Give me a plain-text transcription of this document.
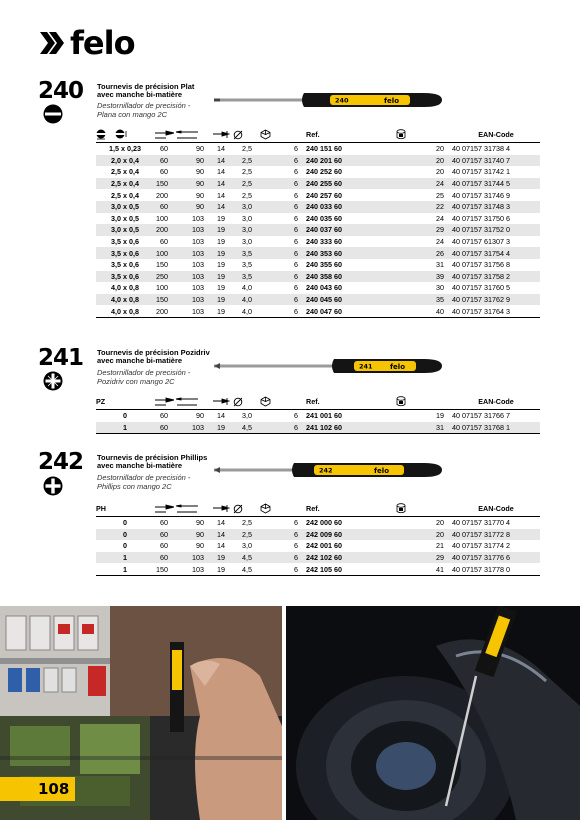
felo
240 Tournevis de précision Plat
avec manche bi-matière
Destornillador de precisión -
Plana con mango 2C
240	felo
						Ref.		EAN-Code
1,5 x 0,23	60	90	14	2,5	6	240 151 60	20	40 07157 31738 4
2,0 x 0,4	60	90	14	2,5	6	240 201 60	20	40 07157 31740 7
2,5 x 0,4	60	90	14	2,5	6	240 252 60	20	40 07157 31742 1
2,5 x 0,4	150	90	14	2,5	6	240 255 60	24	40 07157 31744 5
2,5 x 0,4	200	90	14	2,5	6	240 257 60	25	40 07157 31746 9
3,0 x 0,5	60	90	14	3,0	6	240 033 60	22	40 07157 31748 3
3,0 x 0,5	100	103	19	3,0	6	240 035 60	24	40 07157 31750 6
3,0 x 0,5	200	103	19	3,0	6	240 037 60	29	40 07157 31752 0
3,5 x 0,6	60	103	19	3,0	6	240 333 60	24	40 07157 61307 3
3,5 x 0,6	100	103	19	3,5	6	240 353 60	26	40 07157 31754 4
3,5 x 0,6	150	103	19	3,5	6	240 355 60	31	40 07157 31756 8
3,5 x 0,6	250	103	19	3,5	6	240 358 60	39	40 07157 31758 2
4,0 x 0,8	100	103	19	4,0	6	240 043 60	30	40 07157 31760 5
4,0 x 0,8	150	103	19	4,0	6	240 045 60	35	40 07157 31762 9
4,0 x 0,8	200	103	19	4,0	6	240 047 60	40	40 07157 31764 3
241 Tournevis de précision Pozidriv
avec manche bi-matière
Destornillador de precisión -
Pozidriv con mango 2C
241 felo
PZ						Ref.		EAN-Code
0	60	90	14	3,0	6	241 001 60	19	40 07157 31766 7
1	60	103	19	4,5	6	241 102 60	31	40 07157 31768 1
242 Tournevis de précision Phillips
avec manche bi-matière
Destornillador de precisión -
Phillips con mango 2C
242	felo
PH						Ref.		EAN-Code
0	60	90	14	2,5	6	242 000 60	20	40 07157 31770 4
0	60	90	14	2,5	6	242 009 60	20	40 07157 31772 8
0	60	90	14	3,0	6	242 001 60	21	40 07157 31774 2
1	60	103	19	4,5	6	242 102 60	29	40 07157 31776 6
1	150	103	19	4,5	6	242 105 60	41	40 07157 31778 0
108
